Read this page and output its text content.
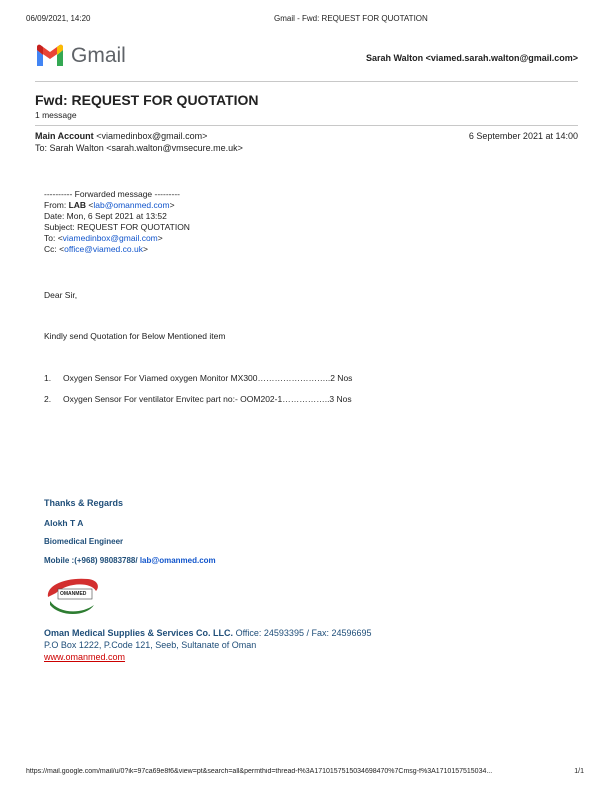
06/09/2021, 14:20	Gmail - Fwd: REQUEST FOR QUOTATION
Gmail	Sarah Walton <viamed.sarah.walton@gmail.com>
Fwd: REQUEST FOR QUOTATION
1 message
Main Account <viamedinbox@gmail.com>	6 September 2021 at 14:00
To: Sarah Walton <sarah.walton@vmsecure.me.uk>
---------- Forwarded message ---------
From: LAB <lab@omanmed.com>
Date: Mon, 6 Sept 2021 at 13:52
Subject: REQUEST FOR QUOTATION
To: <viamedinbox@gmail.com>
Cc: <office@viamed.co.uk>
Dear Sir,
Kindly send Quotation for Below Mentioned item
1. Oxygen Sensor For Viamed oxygen Monitor MX300……………………..2 Nos
2. Oxygen Sensor For ventilator Envitec part no:- OOM202-1……………..3 Nos
Thanks & Regards
Alokh T A
Biomedical Engineer
Mobile :(+968) 98083788/ lab@omanmed.com
OMANMED
Oman Medical Supplies & Services Co. LLC. Office: 24593395 / Fax: 24596695
P.O Box 1222, P.Code 121, Seeb, Sultanate of Oman
www.omanmed.com
https://mail.google.com/mail/u/0?ik=97ca69e8f6&view=pt&search=all&permthid=thread-f%3A1710157515034698470%7Cmsg-f%3A1710157515034...	1/1
